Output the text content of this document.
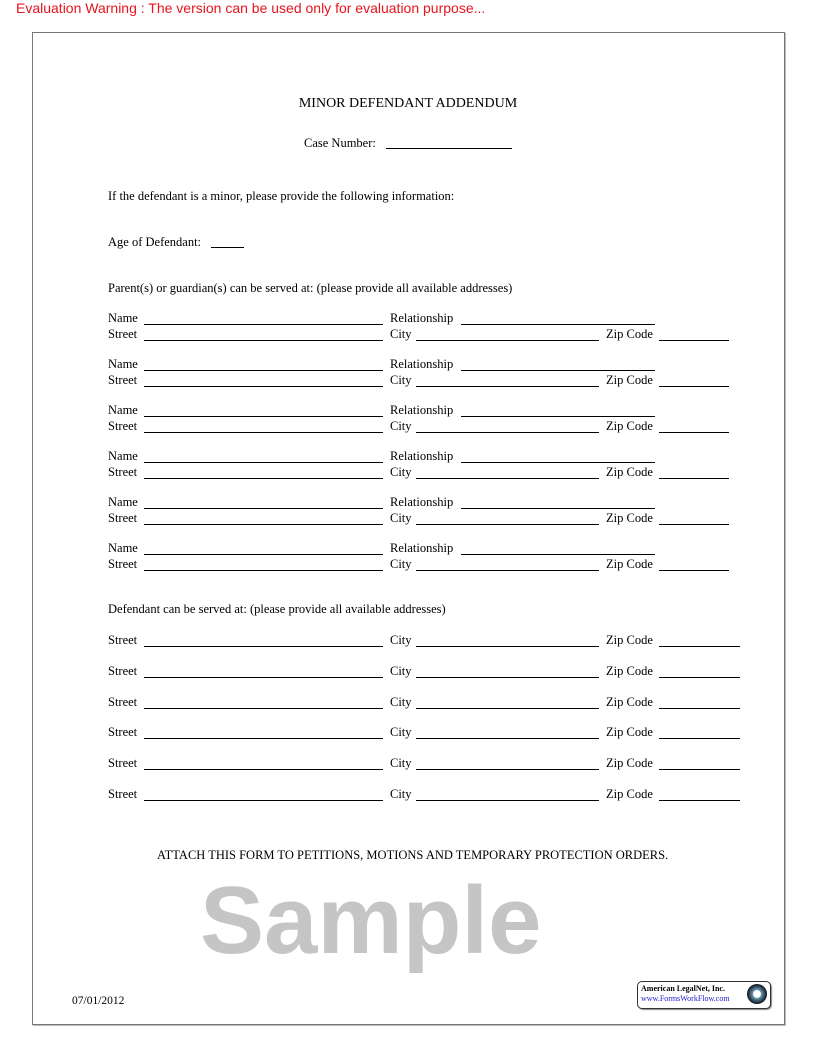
Evaluation Warning : The version can be used only for evaluation purpose...
MINOR DEFENDANT ADDENDUM
Case Number:
If the defendant is a minor, please provide the following information:
Age of Defendant:
Parent(s) or guardian(s) can be served at: (please provide all available addresses)
Name	Relationship
Street	City	Zip Code
Name	Relationship
Street	City	Zip Code
Name	Relationship
Street	City	Zip Code
Name	Relationship
Street	City	Zip Code
Name	Relationship
Street	City	Zip Code
Name	Relationship
Street	City	Zip Code
Street	City	Zip Code
Street	City	Zip Code
Street	City	Zip Code
Street	City	Zip Code
Street	City	Zip Code
Street	City	Zip Code
Defendant can be served at: (please provide all available addresses)
ATTACH THIS FORM TO PETITIONS, MOTIONS AND TEMPORARY PROTECTION ORDERS.
Sample
07/01/2012
American LegalNet, Inc.
www.FormsWorkFlow.com
